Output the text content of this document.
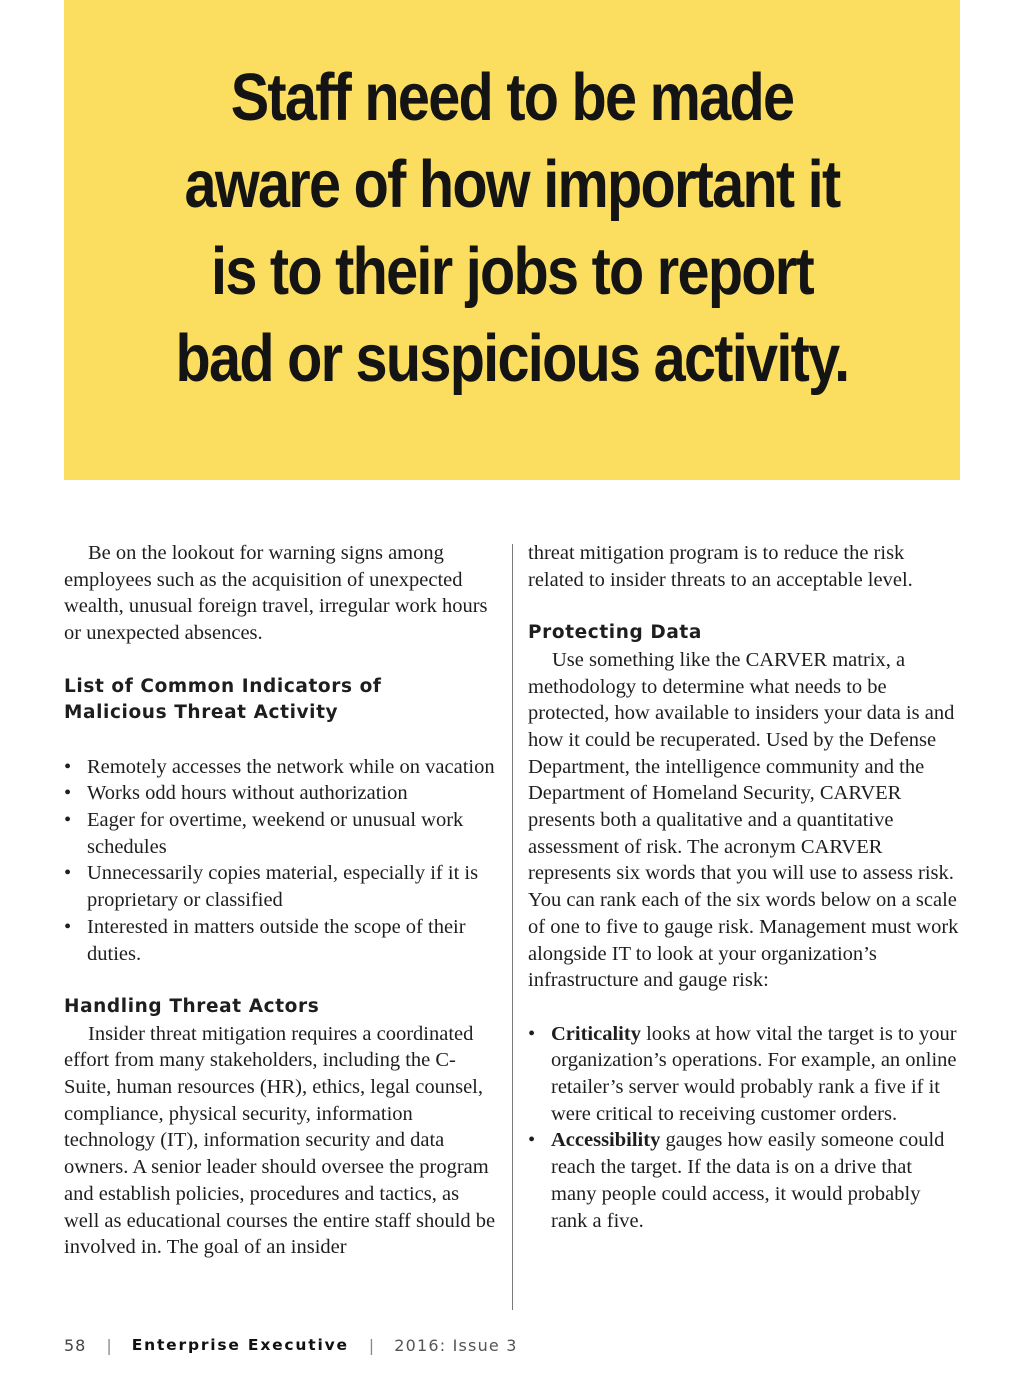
Staff need to be made
aware of how important it
is to their jobs to report
bad or suspicious activity.

Be on the lookout for warning signs among employees such as the acquisition of unexpected wealth, unusual foreign travel, irregular work hours or unexpected absences.

List of Common Indicators of
Malicious Threat Activity
• Remotely accesses the network while on vacation
• Works odd hours without authorization
• Eager for overtime, weekend or unusual work schedules
• Unnecessarily copies material, especially if it is proprietary or classified
• Interested in matters outside the scope of their duties.
Handling Threat Actors

Insider threat mitigation requires a coordinated effort from many stakeholders, including the C-Suite, human resources (HR), ethics, legal counsel, compliance, physical security, information technology (IT), information security and data owners. A senior leader should oversee the program and establish policies, procedures and tactics, as well as educational courses the entire staff should be involved in. The goal of an insider

threat mitigation program is to reduce the risk related to insider threats to an acceptable level.

Protecting Data

Use something like the CARVER matrix, a methodology to determine what needs to be protected, how available to insiders your data is and how it could be recuperated. Used by the Defense Department, the intelligence community and the Department of Homeland Security, CARVER presents both a qualitative and a quantitative assessment of risk. The acronym CARVER represents six words that you will use to assess risk. You can rank each of the six words below on a scale of one to five to gauge risk. Management must work alongside IT to look at your organization’s infrastructure and gauge risk:

• Criticality looks at how vital the target is to your organization’s operations. For example, an online retailer’s server would probably rank a five if it were critical to receiving customer orders.
• Accessibility gauges how easily someone could reach the target. If the data is on a drive that many people could access, it would probably rank a five.
58 | Enterprise Executive | 2016: Issue 3
